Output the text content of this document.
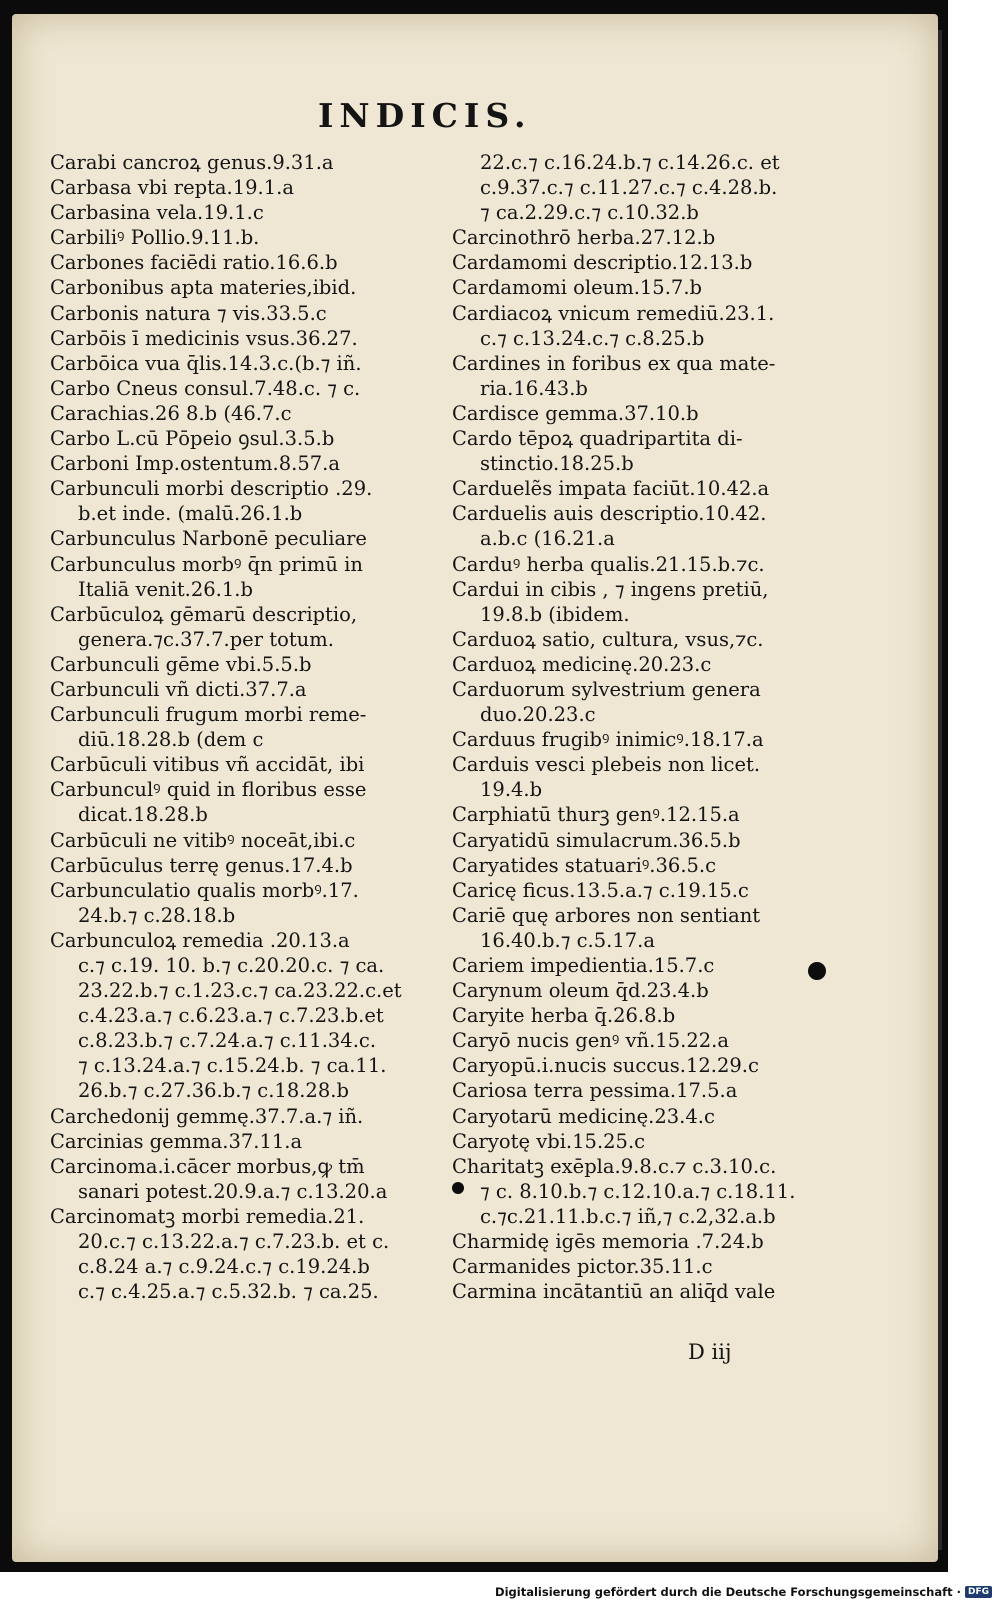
INDICIS.
Carabi cancroꝝ genus.9.31.a
Carbasa vbi repta.19.1.a
Carbasina vela.19.1.c
Carbiliꝰ Pollio.9.11.b.
Carbones faciēdi ratio.16.6.b
Carbonibus apta materies,ibid.
Carbonis natura ⁊ vis.33.5.c
Carbōis ī medicinis vsus.36.27.
Carbōica vua q̄lis.14.3.c.(b.⁊ iñ.
Carbo Cneus consul.7.48.c. ⁊ c.
Carachias.26 8.b (46.7.c
Carbo L.cū Pōpeio ꝯsul.3.5.b
Carboni Imp.ostentum.8.57.a
Carbunculi morbi descriptio .29.
b.et inde. (malū.26.1.b
Carbunculus Narbonē peculiare
Carbunculus morbꝰ q̄n primū in
Italiā venit.26.1.b
Carbūculoꝝ gēmarū descriptio,
genera.⁊c.37.7.per totum.
Carbunculi gēme vbi.5.5.b
Carbunculi vñ dicti.37.7.a
Carbunculi frugum morbi reme-
diū.18.28.b (dem c
Carbūculi vitibus vñ accidāt, ibi
Carbunculꝰ quid in floribus esse
dicat.18.28.b
Carbūculi ne vitibꝰ noceāt,ibi.c
Carbūculus terrę genus.17.4.b
Carbunculatio qualis morbꝰ.17.
24.b.⁊ c.28.18.b
Carbunculoꝝ remedia .20.13.a
c.⁊ c.19. 10. b.⁊ c.20.20.c. ⁊ ca.
23.22.b.⁊ c.1.23.c.⁊ ca.23.22.c.et
c.4.23.a.⁊ c.6.23.a.⁊ c.7.23.b.et
c.8.23.b.⁊ c.7.24.a.⁊ c.11.34.c.
⁊ c.13.24.a.⁊ c.15.24.b. ⁊ ca.11.
26.b.⁊ c.27.36.b.⁊ c.18.28.b
Carchedonij gemmę.37.7.a.⁊ iñ.
Carcinias gemma.37.11.a
Carcinoma.i.cācer morbus,ꝙ tm̄
sanari potest.20.9.a.⁊ c.13.20.a
Carcinomatꝫ morbi remedia.21.
20.c.⁊ c.13.22.a.⁊ c.7.23.b. et c.
c.8.24 a.⁊ c.9.24.c.⁊ c.19.24.b
c.⁊ c.4.25.a.⁊ c.5.32.b. ⁊ ca.25.
22.c.⁊ c.16.24.b.⁊ c.14.26.c. et
c.9.37.c.⁊ c.11.27.c.⁊ c.4.28.b.
⁊ ca.2.29.c.⁊ c.10.32.b
Carcinothrō herba.27.12.b
Cardamomi descriptio.12.13.b
Cardamomi oleum.15.7.b
Cardiacoꝝ vnicum remediū.23.1.
c.⁊ c.13.24.c.⁊ c.8.25.b
Cardines in foribus ex qua mate-
ria.16.43.b
Cardisce gemma.37.10.b
Cardo tēpoꝝ quadripartita di-
stinctio.18.25.b
Carduelẽs impata faciūt.10.42.a
Carduelis auis descriptio.10.42.
a.b.c (16.21.a
Carduꝰ herba qualis.21.15.b.⁊c.
Cardui in cibis , ⁊ ingens pretiū,
19.8.b (ibidem.
Carduoꝝ satio, cultura, vsus,⁊c.
Carduoꝝ medicinę.20.23.c
Carduorum sylvestrium genera
duo.20.23.c
Carduus frugibꝰ inimicꝰ.18.17.a
Carduis vesci plebeis non licet.
19.4.b
Carphiatū thurꝫ genꝰ.12.15.a
Caryatidū simulacrum.36.5.b
Caryatides statuariꝰ.36.5.c
Caricę ficus.13.5.a.⁊ c.19.15.c
Cariē quę arbores non sentiant
16.40.b.⁊ c.5.17.a
Cariem impedientia.15.7.c
Carynum oleum q̄d.23.4.b
Caryite herba q̄.26.8.b
Caryō nucis genꝰ vñ.15.22.a
Caryopū.i.nucis succus.12.29.c
Cariosa terra pessima.17.5.a
Caryotarū medicinę.23.4.c
Caryotę vbi.15.25.c
Charitatꝫ exēpla.9.8.c.⁊ c.3.10.c.
⁊ c. 8.10.b.⁊ c.12.10.a.⁊ c.18.11.
c.⁊c.21.11.b.c.⁊ iñ,⁊ c.2,32.a.b
Charmidę igēs memoria .7.24.b
Carmanides pictor.35.11.c
Carmina incātantiū an aliq̄d vale
D iij
Digitalisierung gefördert durch die Deutsche Forschungsgemeinschaft · DFG
